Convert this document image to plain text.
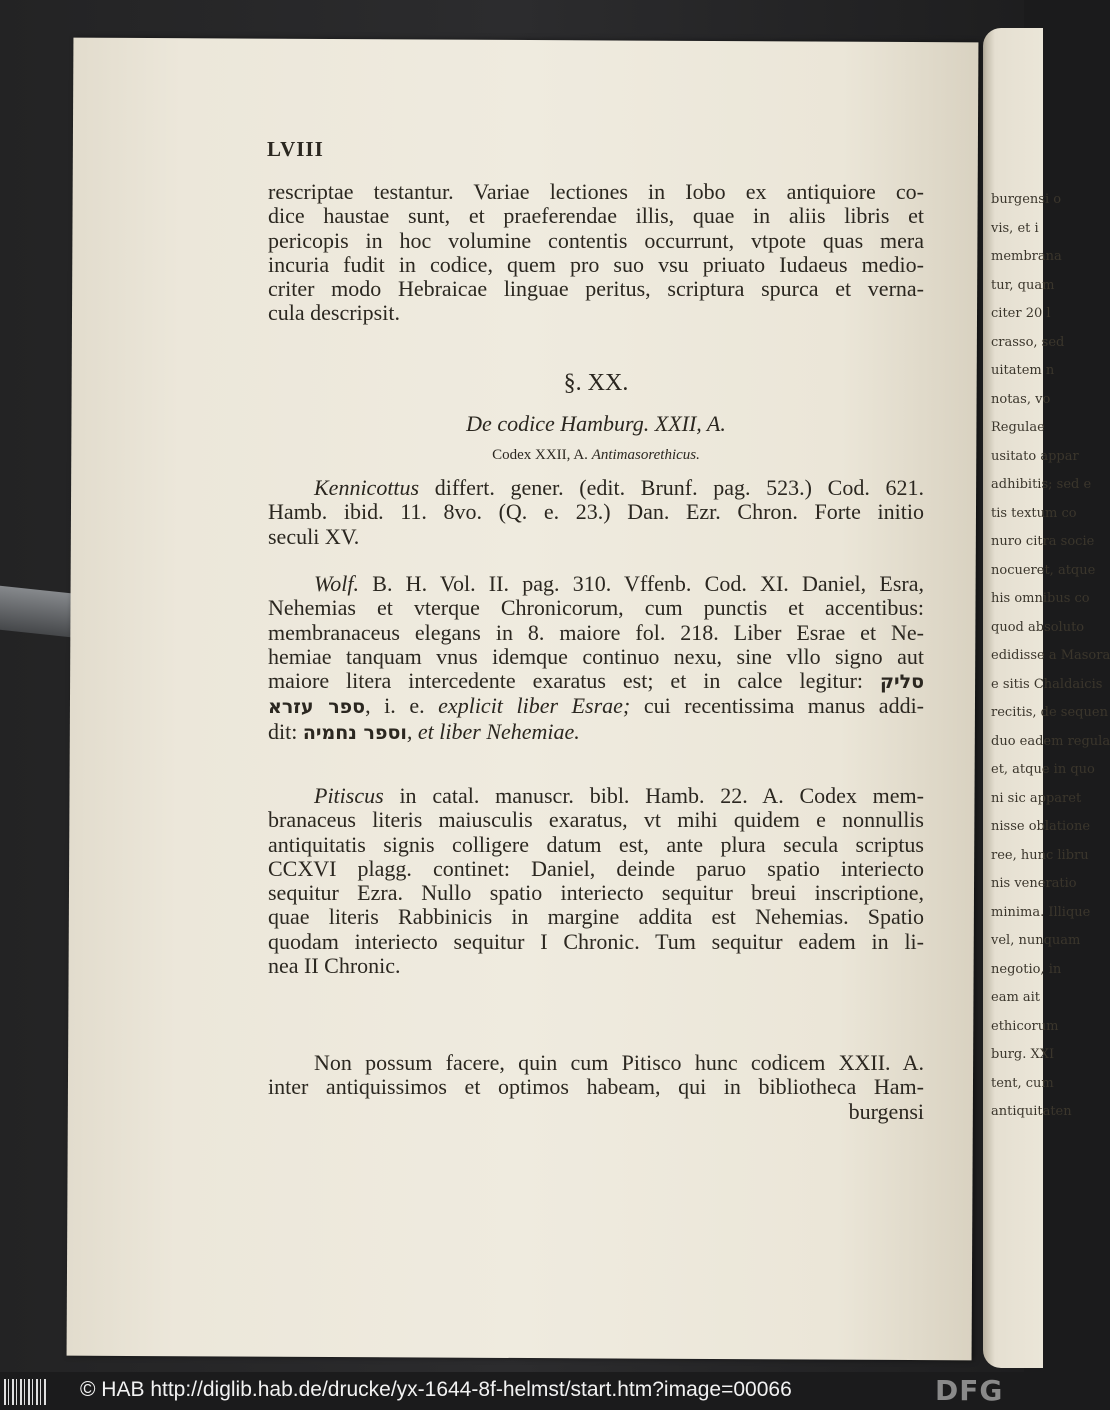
burgensi o
vis, et i
membrana
tur, quam
citer 20 l
crasso, sed
uitatem n
notas, vo
Regulae
usitato appar
adhibitis; sed e
tis textum co
nuro citra socie
nocueret, atque
his omnibus co
quod absoluto
edidisse a Masora
e sitis Chaldaicis
recitis, de sequen
duo eadem regula
et, atque in quo
ni sic apparet
nisse oblatione
ree, hunc libru
nis veneratio
minima. Illique
vel, nunquam
negotio, in
eam ait
ethicorum
burg. XXI
tent, cum
antiquitaten
LVIII
rescriptae testantur. Variae lectiones in Iobo ex antiquiore co-
dice haustae sunt, et praeferendae illis, quae in aliis libris et
pericopis in hoc volumine contentis occurrunt, vtpote quas mera
incuria fudit in codice, quem pro suo vsu priuato Iudaeus medio-
criter modo Hebraicae linguae peritus, scriptura spurca et verna-
cula descripsit.
§. XX.
De codice Hamburg. XXII, A.
Codex XXII, A. Antimasorethicus.
Kennicottus differt. gener. (edit. Brunf. pag. 523.) Cod. 621.
Hamb. ibid. 11. 8vo. (Q. e. 23.) Dan. Ezr. Chron. Forte initio
seculi XV.
Wolf. B. H. Vol. II. pag. 310. Vffenb. Cod. XI. Daniel, Esra,
Nehemias et vterque Chronicorum, cum punctis et accentibus:
membranaceus elegans in 8. maiore fol. 218. Liber Esrae et Ne-
hemiae tanquam vnus idemque continuo nexu, sine vllo signo aut
maiore litera intercedente exaratus est; et in calce legitur: סליק
ספר עזרא, i. e. explicit liber Esrae; cui recentissima manus addi-
dit: וספר נחמיה, et liber Nehemiae.
Pitiscus in catal. manuscr. bibl. Hamb. 22. A. Codex mem-
branaceus literis maiusculis exaratus, vt mihi quidem e nonnullis
antiquitatis signis colligere datum est, ante plura secula scriptus
CCXVI plagg. continet: Daniel, deinde paruo spatio interiecto
sequitur Ezra. Nullo spatio interiecto sequitur breui inscriptione,
quae literis Rabbinicis in margine addita est Nehemias. Spatio
quodam interiecto sequitur I Chronic. Tum sequitur eadem in li-
nea II Chronic.
Non possum facere, quin cum Pitisco hunc codicem XXII. A.
inter antiquissimos et optimos habeam, qui in bibliotheca Ham-
burgensi
© HAB http://diglib.hab.de/drucke/yx-1644-8f-helmst/start.htm?image=00066	DFG
